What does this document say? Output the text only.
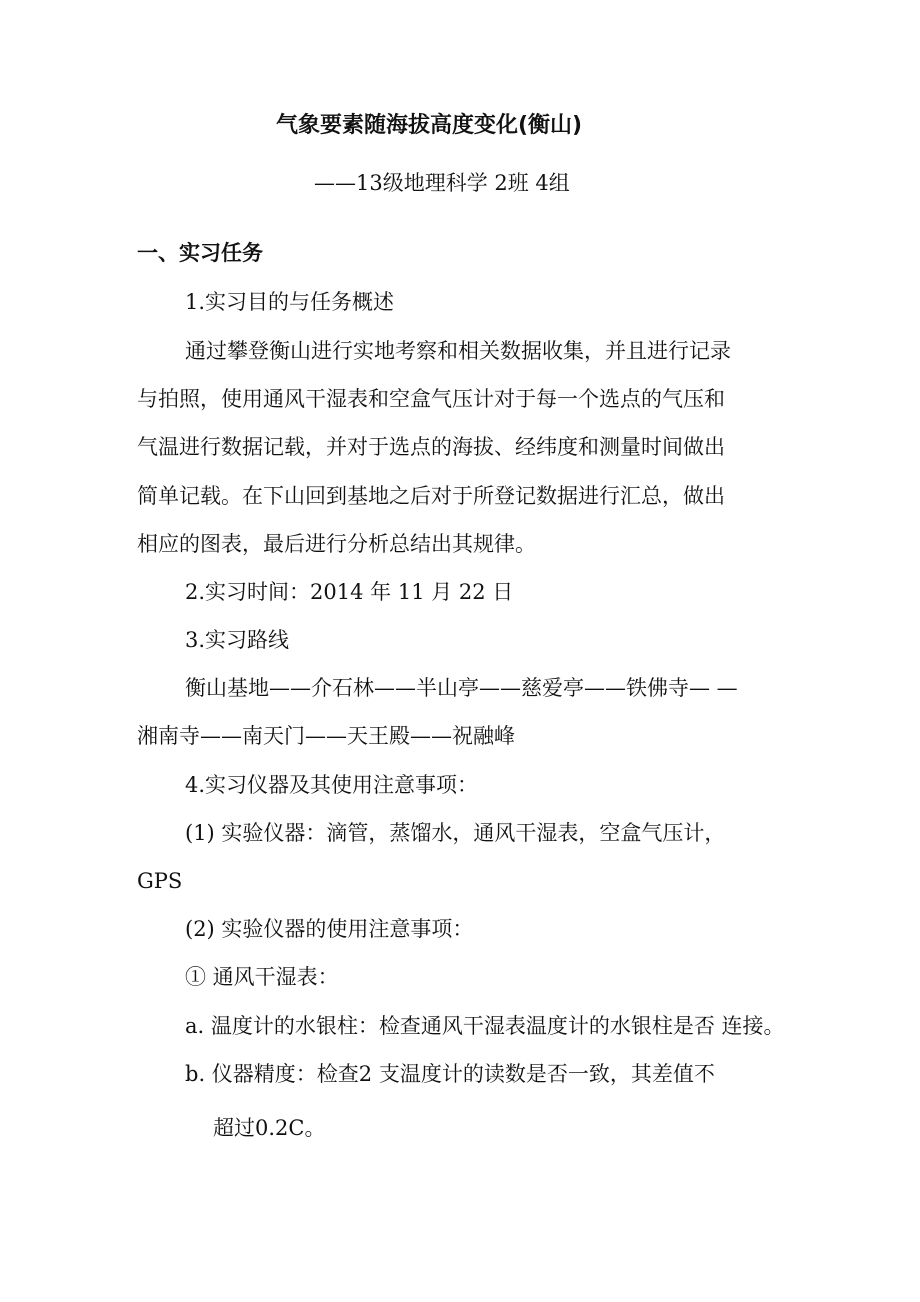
气象要素随海拔高度变化(衡山)
——13级地理科学 2班 4组
一、实习任务
1.实习目的与任务概述
通过攀登衡山进行实地考察和相关数据收集，并且进行记录
与拍照，使用通风干湿表和空盒气压计对于每一个选点的气压和
气温进行数据记载，并对于选点的海拔、经纬度和测量时间做出
简单记载。在下山回到基地之后对于所登记数据进行汇总，做出
相应的图表，最后进行分析总结出其规律。
2.实习时间：2014 年 11 月 22 日
3.实习路线
衡山基地——介石林——半山亭——慈爱亭——铁佛寺— —
湘南寺——南天门——天王殿——祝融峰
4.实习仪器及其使用注意事项：
(1) 实验仪器：滴管，蒸馏水，通风干湿表，空盒气压计，
GPS
(2) 实验仪器的使用注意事项：
① 通风干湿表：
a. 温度计的水银柱：检查通风干湿表温度计的水银柱是否 连接。
b. 仪器精度：检查2 支温度计的读数是否一致，其差值不
超过0.2C。
